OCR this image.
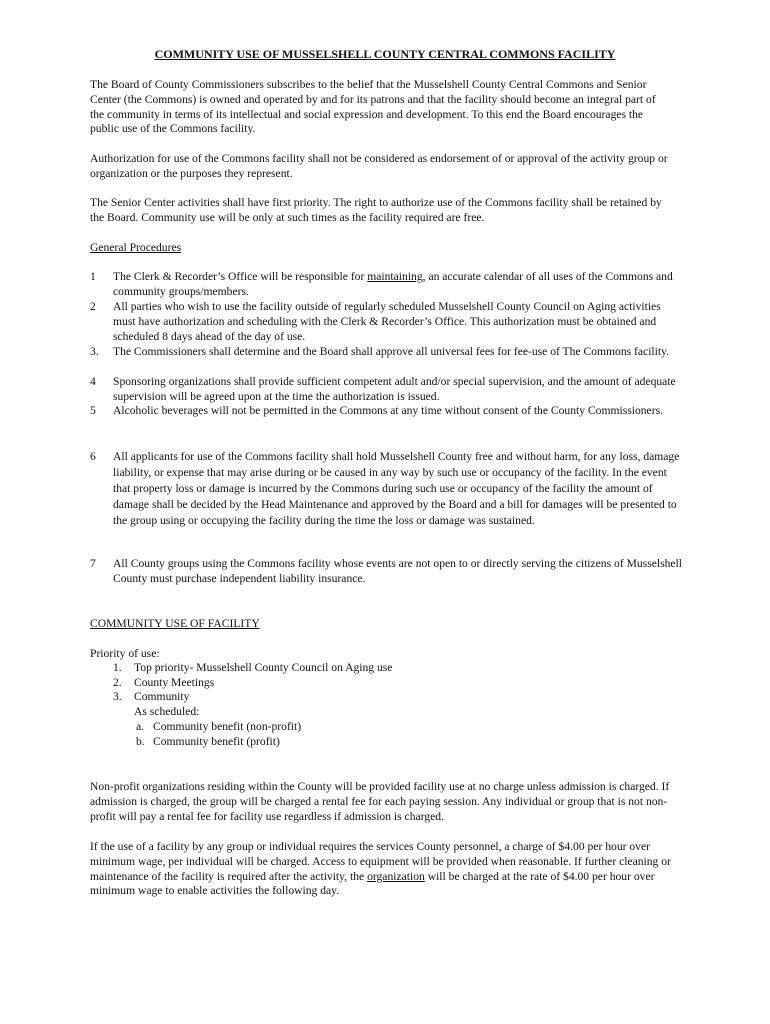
COMMUNITY USE OF MUSSELSHELL COUNTY CENTRAL COMMONS FACILITY
The Board of County Commissioners subscribes to the belief that the Musselshell County Central Commons and Senior Center (the Commons) is owned and operated by and for its patrons and that the facility should become an integral part of the community in terms of its intellectual and social expression and development. To this end the Board encourages the public use of the Commons facility.
Authorization for use of the Commons facility shall not be considered as endorsement of or approval of the activity group or organization or the purposes they represent.
The Senior Center activities shall have first priority. The right to authorize use of the Commons facility shall be retained by the Board. Community use will be only at such times as the facility required are free.
General Procedures
1 The Clerk & Recorder’s Office will be responsible for maintaining, an accurate calendar of all uses of the Commons and community groups/members.
2 All parties who wish to use the facility outside of regularly scheduled Musselshell County Council on Aging activities must have authorization and scheduling with the Clerk & Recorder’s Office. This authorization must be obtained and scheduled 8 days ahead of the day of use.
3. The Commissioners shall determine and the Board shall approve all universal fees for fee-use of The Commons facility.
4 Sponsoring organizations shall provide sufficient competent adult and/or special supervision, and the amount of adequate supervision will be agreed upon at the time the authorization is issued.
5 Alcoholic beverages will not be permitted in the Commons at any time without consent of the County Commissioners.
6 All applicants for use of the Commons facility shall hold Musselshell County free and without harm, for any loss, damage liability, or expense that may arise during or be caused in any way by such use or occupancy of the facility. In the event that property loss or damage is incurred by the Commons during such use or occupancy of the facility the amount of damage shall be decided by the Head Maintenance and approved by the Board and a bill for damages will be presented to the group using or occupying the facility during the time the loss or damage was sustained.
7 All County groups using the Commons facility whose events are not open to or directly serving the citizens of Musselshell County must purchase independent liability insurance.
COMMUNITY USE OF FACILITY
Priority of use:
1. Top priority- Musselshell County Council on Aging use
2. County Meetings
3. Community
As scheduled:
a. Community benefit (non-profit)
b. Community benefit (profit)
Non-profit organizations residing within the County will be provided facility use at no charge unless admission is charged. If admission is charged, the group will be charged a rental fee for each paying session. Any individual or group that is not non-profit will pay a rental fee for facility use regardless if admission is charged.
If the use of a facility by any group or individual requires the services County personnel, a charge of $4.00 per hour over minimum wage, per individual will be charged. Access to equipment will be provided when reasonable. If further cleaning or maintenance of the facility is required after the activity, the organization will be charged at the rate of $4.00 per hour over minimum wage to enable activities the following day.
